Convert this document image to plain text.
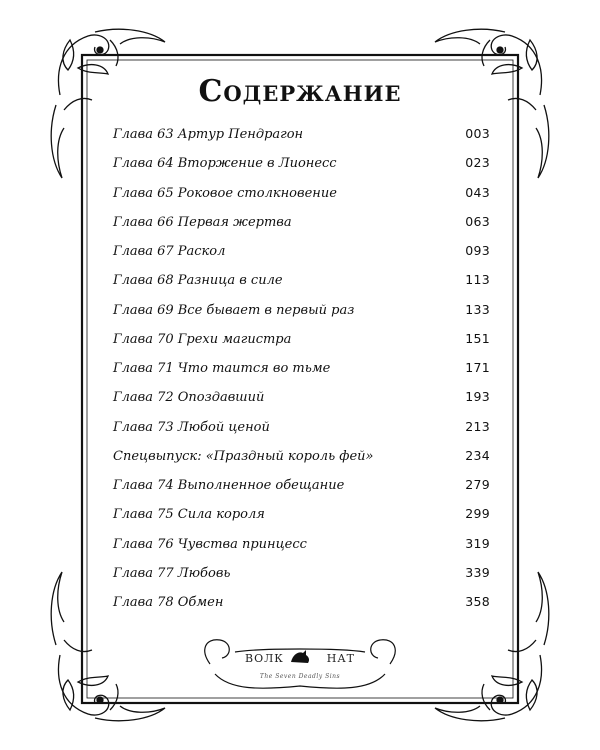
Содержание
Глава 63 Артур Пендрагон	003
Глава 64 Вторжение в Лионесс	023
Глава 65 Роковое столкновение	043
Глава 66 Первая жертва	063
Глава 67 Раскол	093
Глава 68 Разница в силе	113
Глава 69 Все бывает в первый раз	133
Глава 70 Грехи магистра	151
Глава 71 Что таится во тьме	171
Глава 72 Опоздавший	193
Глава 73 Любой ценой	213
Спецвыпуск: «Праздный король фей»	234
Глава 74 Выполненное обещание	279
Глава 75 Сила короля	299
Глава 76 Чувства принцесс	319
Глава 77 Любовь	339
Глава 78 Обмен	358
ВОЛК	НАТ
The Seven Deadly Sins
